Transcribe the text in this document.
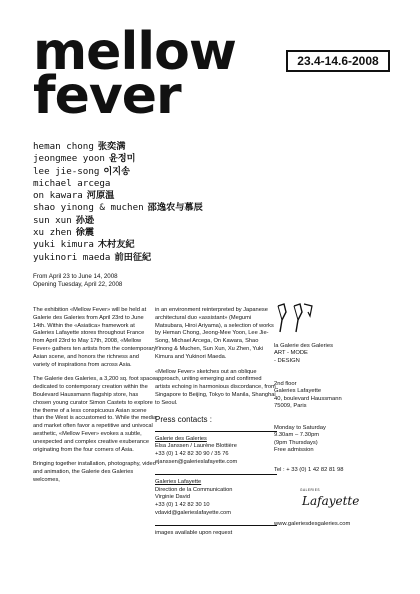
mellow
fever
23.4-14.6-2008
heman chong 张奕满
jeongmee yoon 윤정미
lee jie-song 이지송
michael arcega
on kawara 河原温
shao yinong & muchen 邵逸农与慕辰
sun xun 孙逊
xu zhen 徐震
yuki kimura 木村友紀
yukinori maeda 前田征紀
From April 23 to June 14, 2008
Opening Tuesday, April 22, 2008

The exhibition «Mellow Fever» will be held at Galerie des Galeries from April 23rd to June 14th. Within the «Asiatica» framework at Galeries Lafayette stores throughout France from April 23rd to May 17th, 2008, «Mellow Fever» gathers ten artists from the contemporary Asian scene, and honors the richness and variety of inspirations from across Asia.

The Galerie des Galeries, a 3,200 sq. foot space dedicated to contemporary creation within the Boulevard Haussmann flagship store, has chosen young curator Simon Castets to explore the theme of a less conspicuous Asian scene than the West is accustomed to. While the media and market often favor a repetitive and univocal aesthetic, «Mellow Fever» evokes a subtle, unexpected and complex creative exuberance originating from the four corners of Asia.

Bringing together installation, photography, video and animation, the Galerie des Galeries welcomes,

in an environment reinterpreted by Japanese architectural duo «assistant» (Megumi Matsubara, Hiroi Ariyama), a selection of works by Heman Chong, Jeong-Mee Yoon, Lee Jie-Song, Michael Arcega, On Kawara, Shao Yinong & Muchen, Sun Xun, Xu Zhen, Yuki Kimura and Yukinori Maeda.

«Mellow Fever» sketches out an oblique approach, uniting emerging and confirmed artists echoing in harmonious discordance, from Singapore to Beijing, Tokyo to Manila, Shanghai to Seoul.

Press contacts :
Galerie des Galeries
Elsa Janssen / Laurène Blottière
+33 (0) 1 42 82 30 90 / 35 76
ejanssen@galerieslafayette.com
Galeries Lafayette
Direction de la Communication
Virginie David
+33 (0) 1 42 82 30 10
vdavid@galerieslafayette.com
images available upon request
la Galerie des Galeries
ART - MODE
- DESIGN
2nd floor
Galeries Lafayette
40, boulevard Haussmann
75009, Paris
Monday to Saturday
9.30am – 7.30pm
(9pm Thursdays)
Free admission
Tel : + 33 (0) 1 42 82 81 98
GALERIES
Lafayette
www.galeriesdesgaleries.com
